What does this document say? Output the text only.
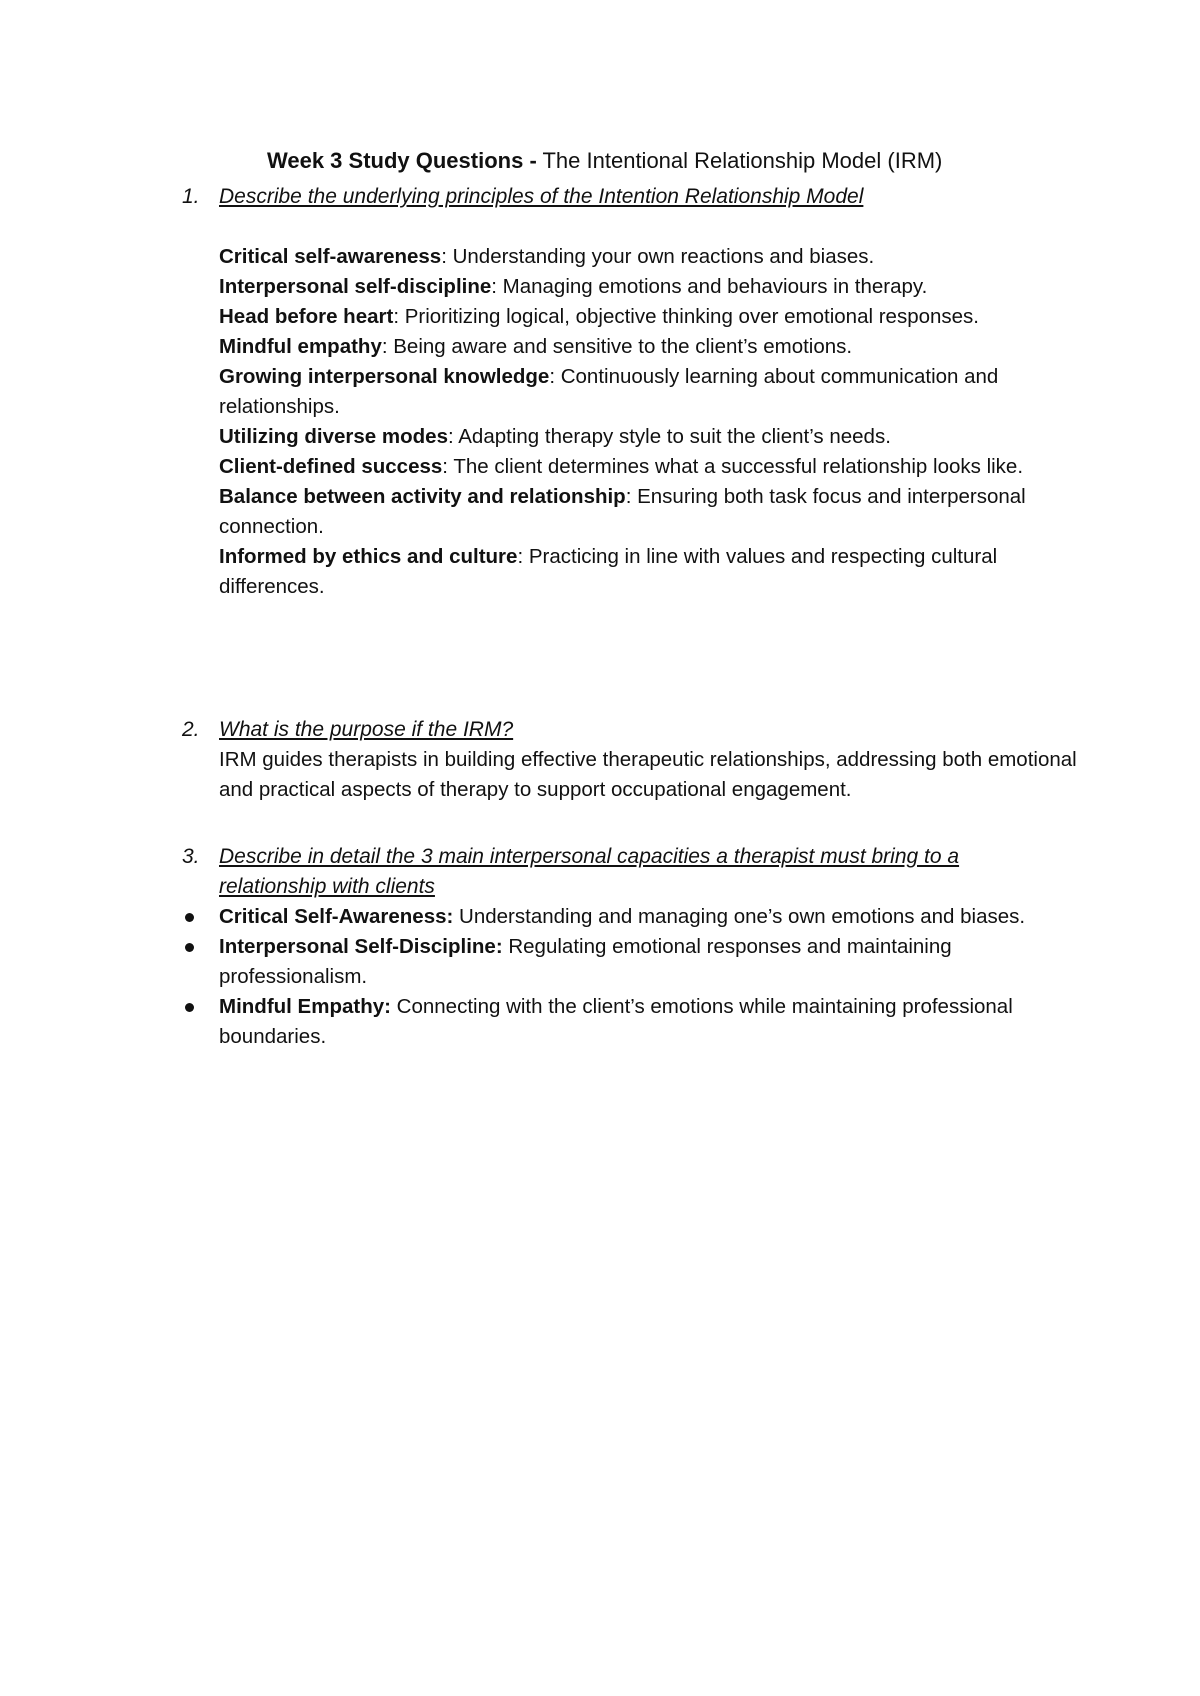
Week 3 Study Questions - The Intentional Relationship Model (IRM)
1. Describe the underlying principles of the Intention Relationship Model

Critical self-awareness: Understanding your own reactions and biases.

Interpersonal self-discipline: Managing emotions and behaviours in therapy.

Head before heart: Prioritizing logical, objective thinking over emotional responses.

Mindful empathy: Being aware and sensitive to the client’s emotions.

Growing interpersonal knowledge: Continuously learning about communication and relationships.

Utilizing diverse modes: Adapting therapy style to suit the client’s needs.

Client-defined success: The client determines what a successful relationship looks like.

Balance between activity and relationship: Ensuring both task focus and interpersonal connection.

Informed by ethics and culture: Practicing in line with values and respecting cultural differences.

2. What is the purpose if the IRM?
IRM guides therapists in building effective therapeutic relationships, addressing both emotional and practical aspects of therapy to support occupational engagement.
3. Describe in detail the 3 main interpersonal capacities a therapist must bring to a relationship with clients
Critical Self-Awareness: Understanding and managing one’s own emotions and biases.
Interpersonal Self-Discipline: Regulating emotional responses and maintaining professionalism.
Mindful Empathy: Connecting with the client’s emotions while maintaining professional boundaries.
